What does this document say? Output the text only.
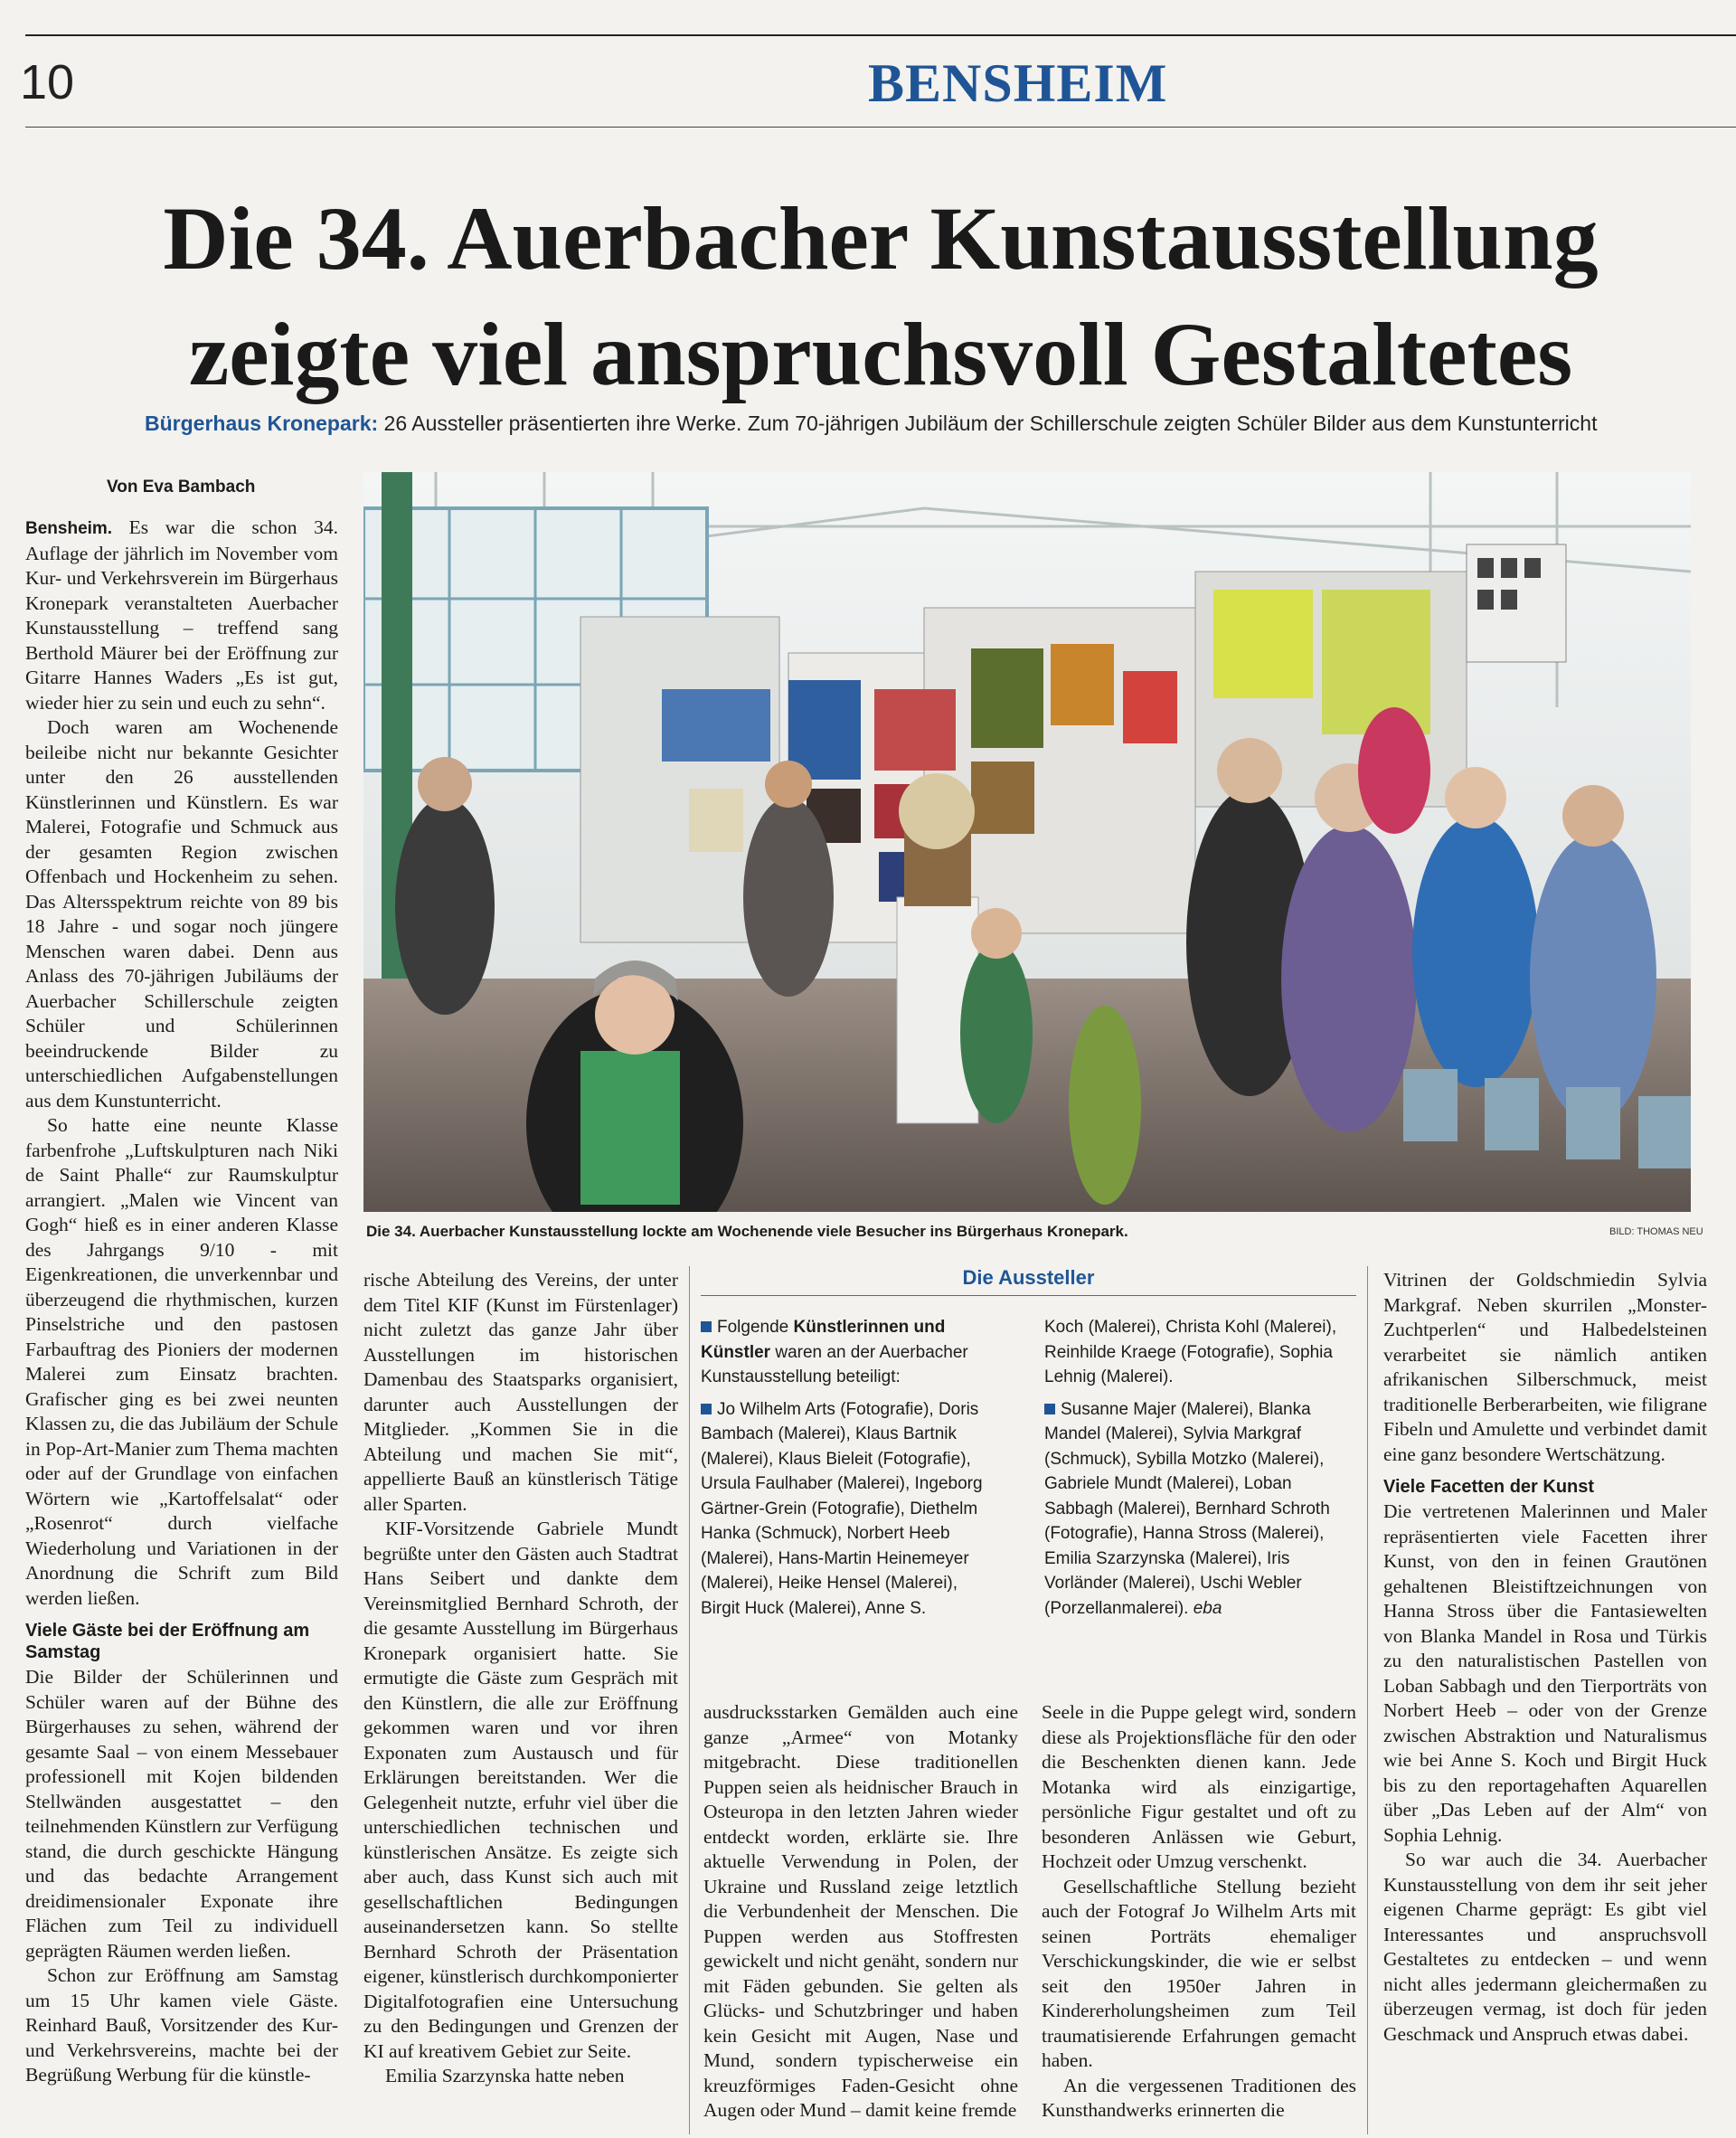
10	BENSHEIM
Die 34. Auerbacher Kunstausstellung
zeigte viel anspruchsvoll Gestaltetes
Bürgerhaus Kronepark: 26 Aussteller präsentierten ihre Werke. Zum 70-jährigen Jubiläum der Schillerschule zeigten Schüler Bilder aus dem Kunstunterricht
Von Eva Bambach

Bensheim. Es war die schon 34. Auflage der jährlich im November vom Kur- und Verkehrsverein im Bürgerhaus Kronepark veranstalteten Auerbacher Kunstausstellung – treffend sang Berthold Mäurer bei der Eröffnung zur Gitarre Hannes Waders „Es ist gut, wieder hier zu sein und euch zu sehn“.

Doch waren am Wochenende beileibe nicht nur bekannte Gesichter unter den 26 ausstellenden Künstlerinnen und Künstlern. Es war Malerei, Fotografie und Schmuck aus der gesamten Region zwischen Offenbach und Hockenheim zu sehen. Das Altersspektrum reichte von 89 bis 18 Jahre - und sogar noch jüngere Menschen waren dabei. Denn aus Anlass des 70-jährigen Jubiläums der Auerbacher Schillerschule zeigten Schüler und Schülerinnen beeindruckende Bilder zu unterschiedlichen Aufgabenstellungen aus dem Kunstunterricht.

So hatte eine neunte Klasse farbenfrohe „Luftskulpturen nach Niki de Saint Phalle“ zur Raumskulptur arrangiert. „Malen wie Vincent van Gogh“ hieß es in einer anderen Klasse des Jahrgangs 9/10 - mit Eigenkreationen, die unverkennbar und überzeugend die rhythmischen, kurzen Pinselstriche und den pastosen Farbauftrag des Pioniers der modernen Malerei zum Einsatz brachten. Grafischer ging es bei zwei neunten Klassen zu, die das Jubiläum der Schule in Pop-Art-Manier zum Thema machten oder auf der Grundlage von einfachen Wörtern wie „Kartoffelsalat“ oder „Rosenrot“ durch vielfache Wiederholung und Variationen in der Anordnung die Schrift zum Bild werden ließen.

Viele Gäste bei der Eröffnung am Samstag

Die Bilder der Schülerinnen und Schüler waren auf der Bühne des Bürgerhauses zu sehen, während der gesamte Saal – von einem Messebauer professionell mit Kojen bildenden Stellwänden ausgestattet – den teilnehmenden Künstlern zur Verfügung stand, die durch geschickte Hängung und das bedachte Arrangement dreidimensionaler Exponate ihre Flächen zum Teil zu individuell geprägten Räumen werden ließen.

Schon zur Eröffnung am Samstag um 15 Uhr kamen viele Gäste. Reinhard Bauß, Vorsitzender des Kur- und Verkehrsvereins, machte bei der Begrüßung Werbung für die künstle-

Die 34. Auerbacher Kunstausstellung lockte am Wochenende viele Besucher ins Bürgerhaus Kronepark.	BILD: THOMAS NEU

rische Abteilung des Vereins, der unter dem Titel KIF (Kunst im Fürstenlager) nicht zuletzt das ganze Jahr über Ausstellungen im historischen Damenbau des Staatsparks organisiert, darunter auch Ausstellungen der Mitglieder. „Kommen Sie in die Abteilung und machen Sie mit“, appellierte Bauß an künstlerisch Tätige aller Sparten.

KIF-Vorsitzende Gabriele Mundt begrüßte unter den Gästen auch Stadtrat Hans Seibert und dankte dem Vereinsmitglied Bernhard Schroth, der die gesamte Ausstellung im Bürgerhaus Kronepark organisiert hatte. Sie ermutigte die Gäste zum Gespräch mit den Künstlern, die alle zur Eröffnung gekommen waren und vor ihren Exponaten zum Austausch und für Erklärungen bereitstanden. Wer die Gelegenheit nutzte, erfuhr viel über die unterschiedlichen technischen und künstlerischen Ansätze. Es zeigte sich aber auch, dass Kunst sich auch mit gesellschaftlichen Bedingungen auseinandersetzen kann. So stellte Bernhard Schroth der Präsentation eigener, künstlerisch durchkomponierter Digitalfotografien eine Untersuchung zu den Bedingungen und Grenzen der KI auf kreativem Gebiet zur Seite.

Emilia Szarzynska hatte neben

Die Aussteller

Folgende Künstlerinnen und Künstler waren an der Auerbacher Kunstausstellung beteiligt:

Jo Wilhelm Arts (Fotografie), Doris Bambach (Malerei), Klaus Bartnik (Malerei), Klaus Bieleit (Fotografie), Ursula Faulhaber (Malerei), Ingeborg Gärtner-Grein (Fotografie), Diethelm Hanka (Schmuck), Norbert Heeb (Malerei), Hans-Martin Heinemeyer (Malerei), Heike Hensel (Malerei), Birgit Huck (Malerei), Anne S.

Koch (Malerei), Christa Kohl (Malerei), Reinhilde Kraege (Fotografie), Sophia Lehnig (Malerei).

Susanne Majer (Malerei), Blanka Mandel (Malerei), Sylvia Markgraf (Schmuck), Sybilla Motzko (Malerei), Gabriele Mundt (Malerei), Loban Sabbagh (Malerei), Bernhard Schroth (Fotografie), Hanna Stross (Malerei), Emilia Szarzynska (Malerei), Iris Vorländer (Malerei), Uschi Webler (Porzellanmalerei). eba

ausdrucksstarken Gemälden auch eine ganze „Armee“ von Motanky mitgebracht. Diese traditionellen Puppen seien als heidnischer Brauch in Osteuropa in den letzten Jahren wieder entdeckt worden, erklärte sie. Ihre aktuelle Verwendung in Polen, der Ukraine und Russland zeige letztlich die Verbundenheit der Menschen. Die Puppen werden aus Stoffresten gewickelt und nicht genäht, sondern nur mit Fäden gebunden. Sie gelten als Glücks- und Schutzbringer und haben kein Gesicht mit Augen, Nase und Mund, sondern typischerweise ein kreuzförmiges Faden-Gesicht ohne Augen oder Mund – damit keine fremde

Seele in die Puppe gelegt wird, sondern diese als Projektionsfläche für den oder die Beschenkten dienen kann. Jede Motanka wird als einzigartige, persönliche Figur gestaltet und oft zu besonderen Anlässen wie Geburt, Hochzeit oder Umzug verschenkt.

Gesellschaftliche Stellung bezieht auch der Fotograf Jo Wilhelm Arts mit seinen Porträts ehemaliger Verschickungskinder, die wie er selbst seit den 1950er Jahren in Kindererholungsheimen zum Teil traumatisierende Erfahrungen gemacht haben.

An die vergessenen Traditionen des Kunsthandwerks erinnerten die

Vitrinen der Goldschmiedin Sylvia Markgraf. Neben skurrilen „Monster-Zuchtperlen“ und Halbedelsteinen verarbeitet sie nämlich antiken afrikanischen Silberschmuck, meist traditionelle Berberarbeiten, wie filigrane Fibeln und Amulette und verbindet damit eine ganz besondere Wertschätzung.

Viele Facetten der Kunst

Die vertretenen Malerinnen und Maler repräsentierten viele Facetten ihrer Kunst, von den in feinen Grautönen gehaltenen Bleistiftzeichnungen von Hanna Stross über die Fantasiewelten von Blanka Mandel in Rosa und Türkis zu den naturalistischen Pastellen von Loban Sabbagh und den Tierporträts von Norbert Heeb – oder von der Grenze zwischen Abstraktion und Naturalismus wie bei Anne S. Koch und Birgit Huck bis zu den reportagehaften Aquarellen über „Das Leben auf der Alm“ von Sophia Lehnig.

So war auch die 34. Auerbacher Kunstausstellung von dem ihr seit jeher eigenen Charme geprägt: Es gibt viel Interessantes und anspruchsvoll Gestaltetes zu entdecken – und wenn nicht alles jedermann gleichermaßen zu überzeugen vermag, ist doch für jeden Geschmack und Anspruch etwas dabei.
